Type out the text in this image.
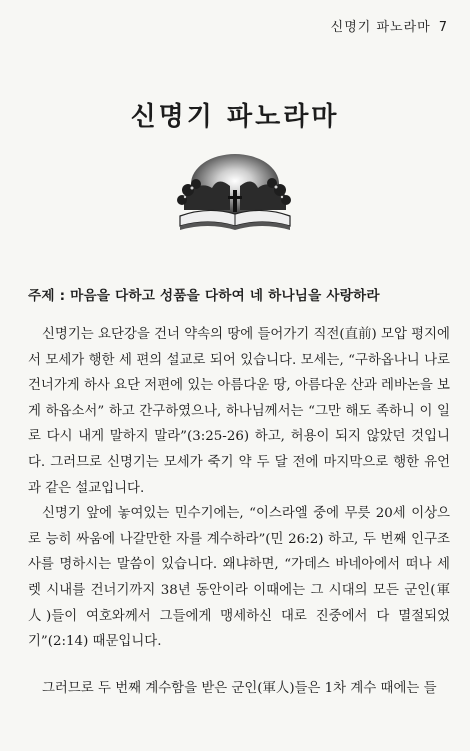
신명기 파노라마 7
신명기 파노라마
주제 : 마음을 다하고 성품을 다하여 네 하나님을 사랑하라

신명기는 요단강을 건너 약속의 땅에 들어가기 직전(直前) 모압 평지에서 모세가 행한 세 편의 설교로 되어 있습니다. 모세는, “구하옵나니 나로 건너가게 하사 요단 저편에 있는 아름다운 땅, 아름다운 산과 레바논을 보게 하옵소서” 하고 간구하였으나, 하나님께서는 “그만 해도 족하니 이 일로 다시 내게 말하지 말라”(3:25-26) 하고, 허용이 되지 않았던 것입니다. 그러므로 신명기는 모세가 죽기 약 두 달 전에 마지막으로 행한 유언과 같은 설교입니다.

신명기 앞에 놓여있는 민수기에는, “이스라엘 중에 무릇 20세 이상으로 능히 싸움에 나갈만한 자를 계수하라”(민 26:2) 하고, 두 번째 인구조사를 명하시는 말씀이 있습니다. 왜냐하면, “가데스 바네아에서 떠나 세렛 시내를 건너기까지 38년 동안이라 이때에는 그 시대의 모든 군인(軍人)들이 여호와께서 그들에게 맹세하신 대로 진중에서 다 멸절되었기”(2:14) 때문입니다.

그러므로 두 번째 계수함을 받은 군인(軍人)들은 1차 계수 때에는 들
